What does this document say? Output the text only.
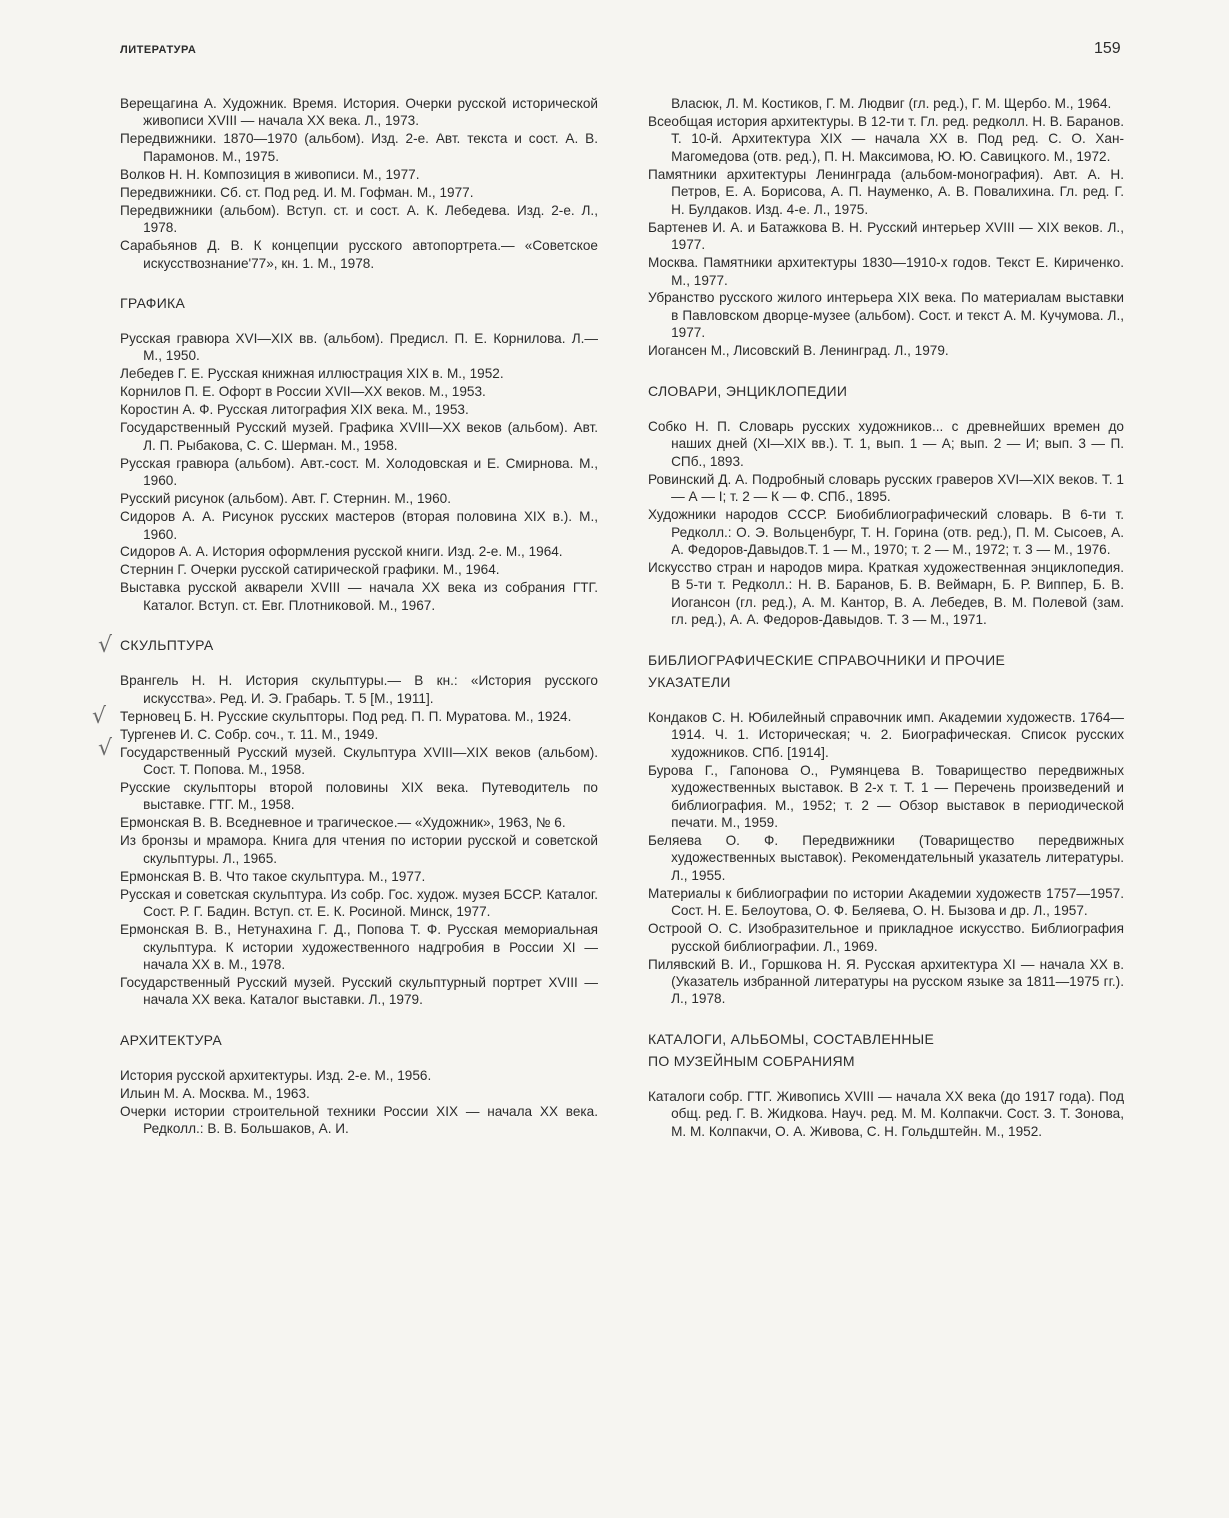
ЛИТЕРАТУРА	159
Верещагина А. Художник. Время. История. Очерки русской исторической живописи XVIII — начала XX века. Л., 1973.
Передвижники. 1870—1970 (альбом). Изд. 2-е. Авт. текста и сост. А. В. Парамонов. М., 1975.
Волков Н. Н. Композиция в живописи. М., 1977.
Передвижники. Сб. ст. Под ред. И. М. Гофман. М., 1977.
Передвижники (альбом). Вступ. ст. и сост. А. К. Лебедева. Изд. 2-е. Л., 1978.
Сарабьянов Д. В. К концепции русского автопортрета.— «Советское искусствознание'77», кн. 1. М., 1978.
ГРАФИКА
Русская гравюра XVI—XIX вв. (альбом). Предисл. П. Е. Корнилова. Л.— М., 1950.
Лебедев Г. Е. Русская книжная иллюстрация XIX в. М., 1952.
Корнилов П. Е. Офорт в России XVII—XX веков. М., 1953.
Коростин А. Ф. Русская литография XIX века. М., 1953.
Государственный Русский музей. Графика XVIII—XX веков (альбом). Авт. Л. П. Рыбакова, С. С. Шерман. М., 1958.
Русская гравюра (альбом). Авт.-сост. М. Холодовская и Е. Смирнова. М., 1960.
Русский рисунок (альбом). Авт. Г. Стернин. М., 1960.
Сидоров А. А. Рисунок русских мастеров (вторая половина XIX в.). М., 1960.
Сидоров А. А. История оформления русской книги. Изд. 2-е. М., 1964.
Стернин Г. Очерки русской сатирической графики. М., 1964.
Выставка русской акварели XVIII — начала XX века из собрания ГТГ. Каталог. Вступ. ст. Евг. Плотниковой. М., 1967.
СКУЛЬПТУРА
Врангель Н. Н. История скульптуры.— В кн.: «История русского искусства». Ред. И. Э. Грабарь. Т. 5 [М., 1911].
Терновец Б. Н. Русские скульпторы. Под ред. П. П. Муратова. М., 1924.
Тургенев И. С. Собр. соч., т. 11. М., 1949.
Государственный Русский музей. Скульптура XVIII—XIX веков (альбом). Сост. Т. Попова. М., 1958.
Русские скульпторы второй половины XIX века. Путеводитель по выставке. ГТГ. М., 1958.
Ермонская В. В. Вседневное и трагическое.— «Художник», 1963, № 6.
Из бронзы и мрамора. Книга для чтения по истории русской и советской скульптуры. Л., 1965.
Ермонская В. В. Что такое скульптура. М., 1977.
Русская и советская скульптура. Из собр. Гос. худож. музея БССР. Каталог. Сост. Р. Г. Бадин. Вступ. ст. Е. К. Росиной. Минск, 1977.
Ермонская В. В., Нетунахина Г. Д., Попова Т. Ф. Русская мемориальная скульптура. К истории художественного надгробия в России XI — начала XX в. М., 1978.
Государственный Русский музей. Русский скульптурный портрет XVIII — начала XX века. Каталог выставки. Л., 1979.
АРХИТЕКТУРА
История русской архитектуры. Изд. 2-е. М., 1956.
Ильин М. А. Москва. М., 1963.
Очерки истории строительной техники России XIX — начала XX века. Редколл.: В. В. Большаков, А. И.
Власюк, Л. М. Костиков, Г. М. Людвиг (гл. ред.), Г. М. Щербо. М., 1964.
Всеобщая история архитектуры. В 12-ти т. Гл. ред. редколл. Н. В. Баранов. Т. 10-й. Архитектура XIX — начала XX в. Под ред. С. О. Хан-Магомедова (отв. ред.), П. Н. Максимова, Ю. Ю. Савицкого. М., 1972.
Памятники архитектуры Ленинграда (альбом-монография). Авт. А. Н. Петров, Е. А. Борисова, А. П. Науменко, А. В. Повалихина. Гл. ред. Г. Н. Булдаков. Изд. 4-е. Л., 1975.
Бартенев И. А. и Батажкова В. Н. Русский интерьер XVIII — XIX веков. Л., 1977.
Москва. Памятники архитектуры 1830—1910-х годов. Текст Е. Кириченко. М., 1977.
Убранство русского жилого интерьера XIX века. По материалам выставки в Павловском дворце-музее (альбом). Сост. и текст А. М. Кучумова. Л., 1977.
Иогансен М., Лисовский В. Ленинград. Л., 1979.
СЛОВАРИ, ЭНЦИКЛОПЕДИИ
Собко Н. П. Словарь русских художников... с древнейших времен до наших дней (XI—XIX вв.). Т. 1, вып. 1 — А; вып. 2 — И; вып. 3 — П. СПб., 1893.
Ровинский Д. А. Подробный словарь русских граверов XVI—XIX веков. Т. 1 — А — І; т. 2 — К — Ф. СПб., 1895.
Художники народов СССР. Биобиблиографический словарь. В 6-ти т. Редколл.: О. Э. Вольценбург, Т. Н. Горина (отв. ред.), П. М. Сысоев, А. А. Федоров-Давыдов.Т. 1 — М., 1970; т. 2 — М., 1972; т. 3 — М., 1976.
Искусство стран и народов мира. Краткая художественная энциклопедия. В 5-ти т. Редколл.: Н. В. Баранов, Б. В. Веймарн, Б. Р. Виппер, Б. В. Иогансон (гл. ред.), А. М. Кантор, В. А. Лебедев, В. М. Полевой (зам. гл. ред.), А. А. Федоров-Давыдов. Т. 3 — М., 1971.
БИБЛИОГРАФИЧЕСКИЕ СПРАВОЧНИКИ И ПРОЧИЕ
УКАЗАТЕЛИ
Кондаков С. Н. Юбилейный справочник имп. Академии художеств. 1764—1914. Ч. 1. Историческая; ч. 2. Биографическая. Список русских художников. СПб. [1914].
Бурова Г., Гапонова О., Румянцева В. Товарищество передвижных художественных выставок. В 2-х т. Т. 1 — Перечень произведений и библиография. М., 1952; т. 2 — Обзор выставок в периодической печати. М., 1959.
Беляева О. Ф. Передвижники (Товарищество передвижных художественных выставок). Рекомендательный указатель литературы. Л., 1955.
Материалы к библиографии по истории Академии художеств 1757—1957. Сост. Н. Е. Белоутова, О. Ф. Беляева, О. Н. Бызова и др. Л., 1957.
Остроой О. С. Изобразительное и прикладное искусство. Библиография русской библиографии. Л., 1969.
Пилявский В. И., Горшкова Н. Я. Русская архитектура XI — начала XX в. (Указатель избранной литературы на русском языке за 1811—1975 гг.). Л., 1978.
КАТАЛОГИ, АЛЬБОМЫ, СОСТАВЛЕННЫЕ
ПО МУЗЕЙНЫМ СОБРАНИЯМ
Каталоги собр. ГТГ. Живопись XVIII — начала XX века (до 1917 года). Под общ. ред. Г. В. Жидкова. Науч. ред. М. М. Колпакчи. Сост. З. Т. Зонова, М. М. Колпакчи, О. А. Живова, С. Н. Гольдштейн. М., 1952.
√
√
√
